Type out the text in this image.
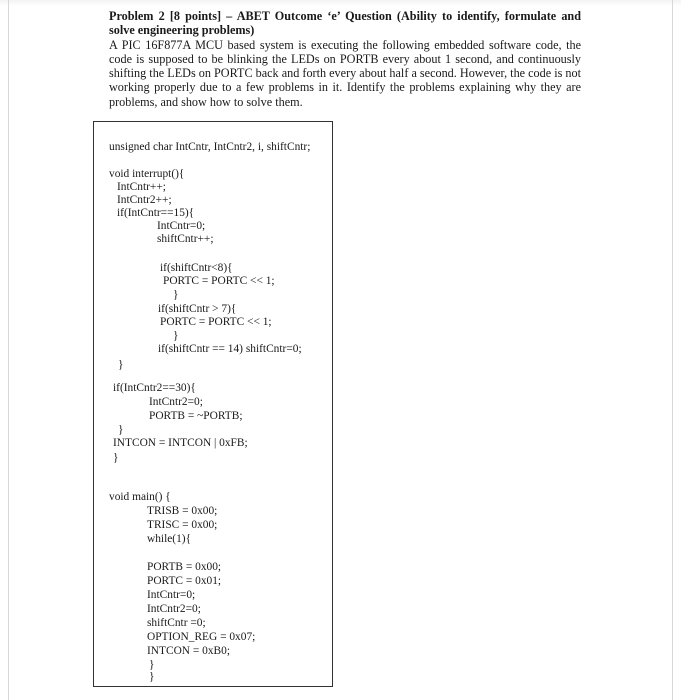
Problem 2 [8 points] – ABET Outcome ‘e’ Question (Ability to identify, formulate and solve engineering problems)

A PIC 16F877A MCU based system is executing the following embedded software code, the code is supposed to be blinking the LEDs on PORTB every about 1 second, and continuously shifting the LEDs on PORTC back and forth every about half a second. However, the code is not working properly due to a few problems in it. Identify the problems explaining why they are problems, and show how to solve them.

unsigned char IntCntr, IntCntr2, i, shiftCntr;
void interrupt(){
IntCntr++;
IntCntr2++;
if(IntCntr==15){
IntCntr=0;
shiftCntr++;
if(shiftCntr<8){
PORTC = PORTC << 1;
}
if(shiftCntr > 7){
PORTC = PORTC << 1;
}
if(shiftCntr == 14) shiftCntr=0;
}
if(IntCntr2==30){
IntCntr2=0;
PORTB = ~PORTB;
}
INTCON = INTCON | 0xFB;
}
void main() {
TRISB = 0x00;
TRISC = 0x00;
while(1){
PORTB = 0x00;
PORTC = 0x01;
IntCntr=0;
IntCntr2=0;
shiftCntr =0;
OPTION_REG = 0x07;
INTCON = 0xB0;
}
}
